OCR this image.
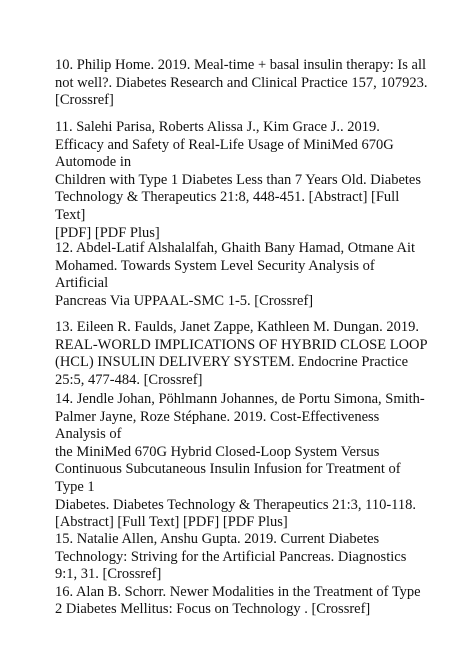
10. Philip Home. 2019. Meal-time + basal insulin therapy: Is all
not well?. Diabetes Research and Clinical Practice 157, 107923.
[Crossref]

11. Salehi Parisa, Roberts Alissa J., Kim Grace J.. 2019.
Efficacy and Safety of Real-Life Usage of MiniMed 670G
Automode in
Children with Type 1 Diabetes Less than 7 Years Old. Diabetes
Technology & Therapeutics 21:8, 448-451. [Abstract] [Full
Text]
[PDF] [PDF Plus]

12. Abdel-Latif Alshalalfah, Ghaith Bany Hamad, Otmane Ait
Mohamed. Towards System Level Security Analysis of
Artificial
Pancreas Via UPPAAL-SMC 1-5. [Crossref]

13. Eileen R. Faulds, Janet Zappe, Kathleen M. Dungan. 2019.
REAL-WORLD IMPLICATIONS OF HYBRID CLOSE LOOP
(HCL) INSULIN DELIVERY SYSTEM. Endocrine Practice
25:5, 477-484. [Crossref]

14. Jendle Johan, Pöhlmann Johannes, de Portu Simona, Smith-
Palmer Jayne, Roze Stéphane. 2019. Cost-Effectiveness
Analysis of
the MiniMed 670G Hybrid Closed-Loop System Versus
Continuous Subcutaneous Insulin Infusion for Treatment of
Type 1
Diabetes. Diabetes Technology & Therapeutics 21:3, 110-118.
[Abstract] [Full Text] [PDF] [PDF Plus]

15. Natalie Allen, Anshu Gupta. 2019. Current Diabetes
Technology: Striving for the Artificial Pancreas. Diagnostics
9:1, 31. [Crossref]
16. Alan B. Schorr. Newer Modalities in the Treatment of Type
2 Diabetes Mellitus: Focus on Technology . [Crossref]
